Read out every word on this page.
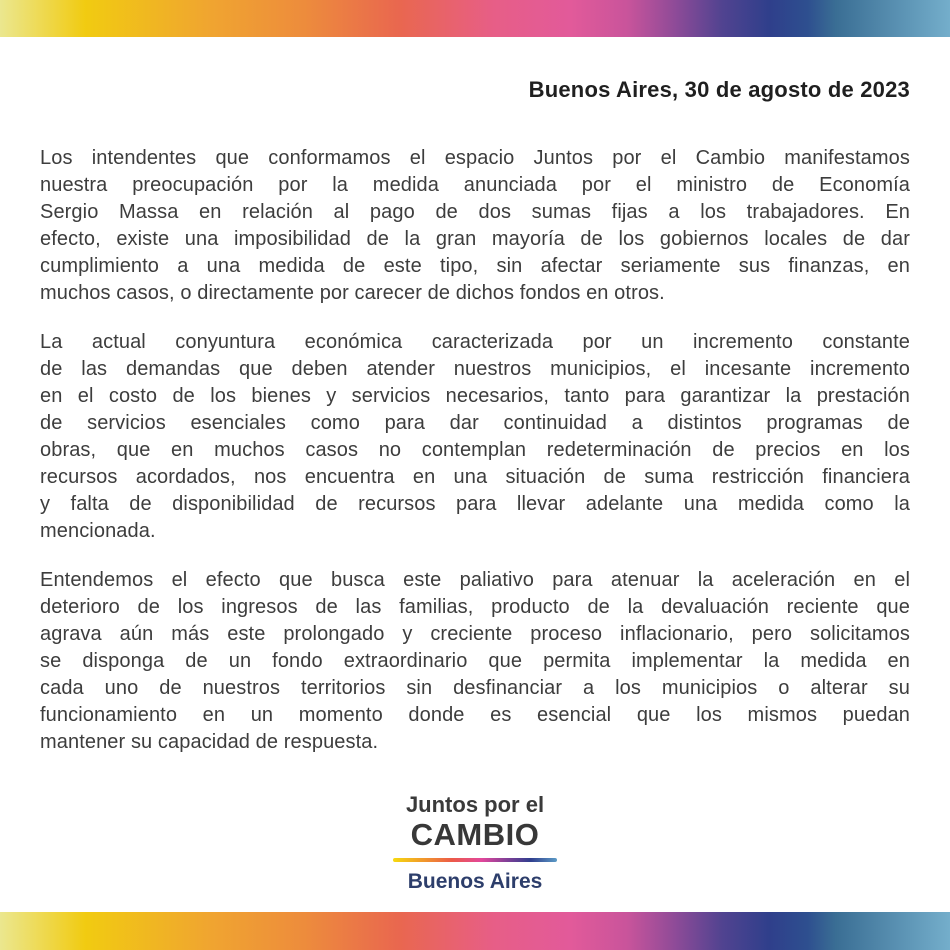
Buenos Aires, 30 de agosto de 2023
Los intendentes que conformamos el espacio Juntos por el Cambio manifestamos
nuestra preocupación por la medida anunciada por el ministro de Economía
Sergio Massa en relación al pago de dos sumas fijas a los trabajadores. En
efecto, existe una imposibilidad de la gran mayoría de los gobiernos locales de dar
cumplimiento a una medida de este tipo, sin afectar seriamente sus finanzas, en
muchos casos, o directamente por carecer de dichos fondos en otros.
La actual conyuntura económica caracterizada por un incremento constante
de las demandas que deben atender nuestros municipios, el incesante incremento
en el costo de los bienes y servicios necesarios, tanto para garantizar la prestación
de servicios esenciales como para dar continuidad a distintos programas de
obras, que en muchos casos no contemplan redeterminación de precios en los
recursos acordados, nos encuentra en una situación de suma restricción financiera
y falta de disponibilidad de recursos para llevar adelante una medida como la
mencionada.
Entendemos el efecto que busca este paliativo para atenuar la aceleración en el
deterioro de los ingresos de las familias, producto de la devaluación reciente que
agrava aún más este prolongado y creciente proceso inflacionario, pero solicitamos
se disponga de un fondo extraordinario que permita implementar la medida en
cada uno de nuestros territorios sin desfinanciar a los municipios o alterar su
funcionamiento en un momento donde es esencial que los mismos puedan
mantener su capacidad de respuesta.
Juntos por el
CAMBIO
Buenos Aires
